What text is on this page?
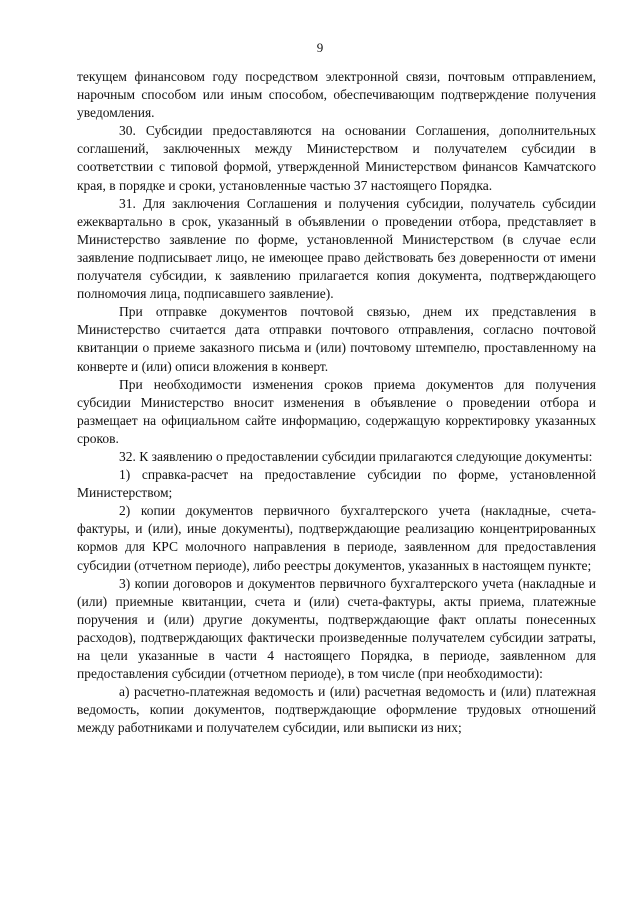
9

текущем финансовом году посредством электронной связи, почтовым отправлением, нарочным способом или иным способом, обеспечивающим подтверждение получения уведомления.

30. Субсидии предоставляются на основании Соглашения, дополнительных соглашений, заключенных между Министерством и получателем субсидии в соответствии с типовой формой, утвержденной Министерством финансов Камчатского края, в порядке и сроки, установленные частью 37 настоящего Порядка.

31. Для заключения Соглашения и получения субсидии, получатель субсидии ежеквартально в срок, указанный в объявлении о проведении отбора, представляет в Министерство заявление по форме, установленной Министерством (в случае если заявление подписывает лицо, не имеющее право действовать без доверенности от имени получателя субсидии, к заявлению прилагается копия документа, подтверждающего полномочия лица, подписавшего заявление).

При отправке документов почтовой связью, днем их представления в Министерство считается дата отправки почтового отправления, согласно почтовой квитанции о приеме заказного письма и (или) почтовому штемпелю, проставленному на конверте и (или) описи вложения в конверт.

При необходимости изменения сроков приема документов для получения субсидии Министерство вносит изменения в объявление о проведении отбора и размещает на официальном сайте информацию, содержащую корректировку указанных сроков.

32. К заявлению о предоставлении субсидии прилагаются следующие документы:

1) справка-расчет на предоставление субсидии по форме, установленной Министерством;

2) копии документов первичного бухгалтерского учета (накладные, счета-фактуры, и (или), иные документы), подтверждающие реализацию концентрированных кормов для КРС молочного направления в периоде, заявленном для предоставления субсидии (отчетном периоде), либо реестры документов, указанных в настоящем пункте;

3) копии договоров и документов первичного бухгалтерского учета (накладные и (или) приемные квитанции, счета и (или) счета-фактуры, акты приема, платежные поручения и (или) другие документы, подтверждающие факт оплаты понесенных расходов), подтверждающих фактически произведенные получателем субсидии затраты, на цели указанные в части 4 настоящего Порядка, в периоде, заявленном для предоставления субсидии (отчетном периоде), в том числе (при необходимости):

а) расчетно-платежная ведомость и (или) расчетная ведомость и (или) платежная ведомость, копии документов, подтверждающие оформление трудовых отношений между работниками и получателем субсидии, или выписки из них;
